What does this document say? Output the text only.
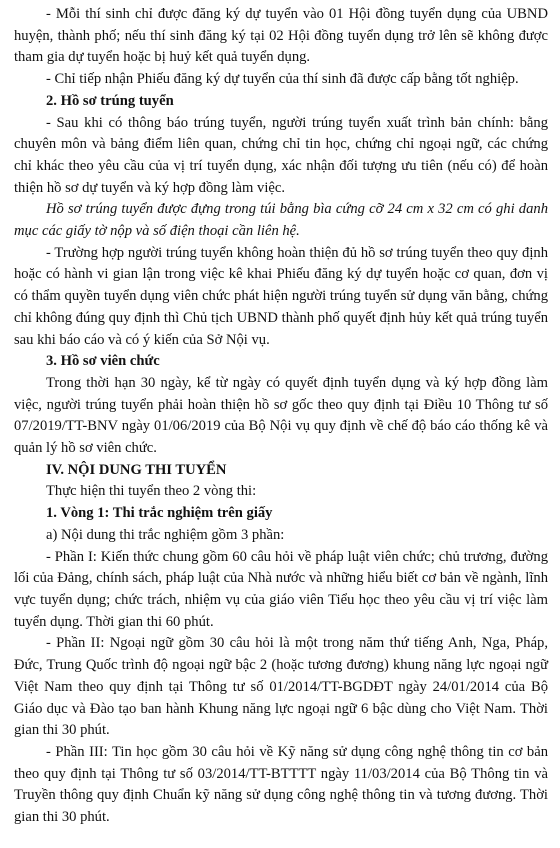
- Mỗi thí sinh chỉ được đăng ký dự tuyển vào 01 Hội đồng tuyển dụng của UBND huyện, thành phố; nếu thí sinh đăng ký tại 02 Hội đồng tuyển dụng trở lên sẽ không được tham gia dự tuyển hoặc bị huỷ kết quả tuyển dụng.

- Chỉ tiếp nhận Phiếu đăng ký dự tuyển của thí sinh đã được cấp bằng tốt nghiệp.

2. Hồ sơ trúng tuyển

- Sau khi có thông báo trúng tuyển, người trúng tuyển xuất trình bản chính: bằng chuyên môn và bảng điểm liên quan, chứng chỉ tin học, chứng chỉ ngoại ngữ, các chứng chỉ khác theo yêu cầu của vị trí tuyển dụng, xác nhận đối tượng ưu tiên (nếu có) để hoàn thiện hồ sơ dự tuyển và ký hợp đồng làm việc.

Hồ sơ trúng tuyển được đựng trong túi bằng bìa cứng cỡ 24 cm x 32 cm có ghi danh mục các giấy tờ nộp và số điện thoại cần liên hệ.

- Trường hợp người trúng tuyển không hoàn thiện đủ hồ sơ trúng tuyển theo quy định hoặc có hành vi gian lận trong việc kê khai Phiếu đăng ký dự tuyển hoặc cơ quan, đơn vị có thẩm quyền tuyển dụng viên chức phát hiện người trúng tuyển sử dụng văn bằng, chứng chỉ không đúng quy định thì Chủ tịch UBND thành phố quyết định hủy kết quả trúng tuyển sau khi báo cáo và có ý kiến của Sở Nội vụ.

3. Hồ sơ viên chức

Trong thời hạn 30 ngày, kể từ ngày có quyết định tuyển dụng và ký hợp đồng làm việc, người trúng tuyển phải hoàn thiện hồ sơ gốc theo quy định tại Điều 10 Thông tư số 07/2019/TT-BNV ngày 01/06/2019 của Bộ Nội vụ quy định về chế độ báo cáo thống kê và quản lý hồ sơ viên chức.

IV. NỘI DUNG THI TUYỂN

Thực hiện thi tuyển theo 2 vòng thi:

1. Vòng 1: Thi trắc nghiệm trên giấy

a) Nội dung thi trắc nghiệm gồm 3 phần:

- Phần I: Kiến thức chung gồm 60 câu hỏi về pháp luật viên chức; chủ trương, đường lối của Đảng, chính sách, pháp luật của Nhà nước và những hiểu biết cơ bản về ngành, lĩnh vực tuyển dụng; chức trách, nhiệm vụ của giáo viên Tiểu học theo yêu cầu vị trí việc làm tuyển dụng. Thời gian thi 60 phút.

- Phần II: Ngoại ngữ gồm 30 câu hỏi là một trong năm thứ tiếng Anh, Nga, Pháp, Đức, Trung Quốc trình độ ngoại ngữ bậc 2 (hoặc tương đương) khung năng lực ngoại ngữ Việt Nam theo quy định tại Thông tư số 01/2014/TT-BGDĐT ngày 24/01/2014 của Bộ Giáo dục và Đào tạo ban hành Khung năng lực ngoại ngữ 6 bậc dùng cho Việt Nam. Thời gian thi 30 phút.

- Phần III: Tin học gồm 30 câu hỏi về Kỹ năng sử dụng công nghệ thông tin cơ bản theo quy định tại Thông tư số 03/2014/TT-BTTTT ngày 11/03/2014 của Bộ Thông tin và Truyền thông quy định Chuẩn kỹ năng sử dụng công nghệ thông tin và tương đương. Thời gian thi 30 phút.
